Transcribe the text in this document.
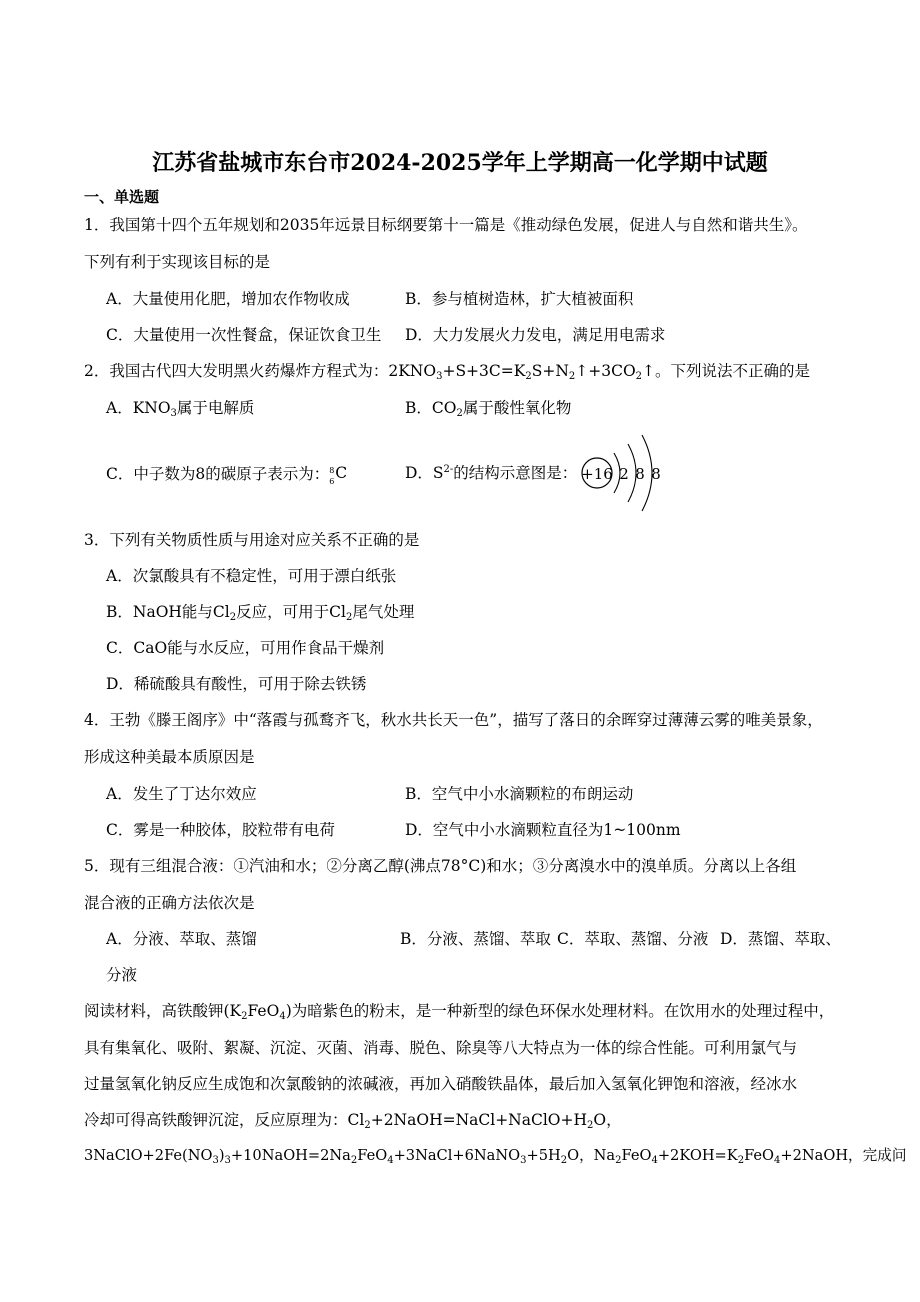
江苏省盐城市东台市2024-2025学年上学期高一化学期中试题
一、单选题
1．我国第十四个五年规划和2035年远景目标纲要第十一篇是《推动绿色发展，促进人与自然和谐共生》。
下列有利于实现该目标的是
A．大量使用化肥，增加农作物收成	B．参与植树造林，扩大植被面积
C．大量使用一次性餐盒，保证饮食卫生 D．大力发展火力发电，满足用电需求
2．我国古代四大发明黑火药爆炸方程式为：$2KNO_3+S+3C=K_2S+N_2↑+3CO_2↑$。下列说法不正确的是
A．$KNO_3$属于电解质	B．$CO_2$属于酸性氧化物
C．中子数为8的碳原子表示为： 8
6 C	D．$S^{2-}$的结构示意图是： +16 2 8 8
3．下列有关物质性质与用途对应关系不正确的是
A．次氯酸具有不稳定性，可用于漂白纸张
B．NaOH能与$Cl_2$反应，可用于$Cl_2$尾气处理
C．CaO能与水反应，可用作食品干燥剂
D．稀硫酸具有酸性，可用于除去铁锈
4．王勃《滕王阁序》中“落霞与孤鹜齐飞，秋水共长天一色”，描写了落日的余晖穿过薄薄云雾的唯美景象，
形成这种美最本质原因是
A．发生了丁达尔效应	B．空气中小水滴颗粒的布朗运动
C．雾是一种胶体，胶粒带有电荷	D．空气中小水滴颗粒直径为1~100nm
5．现有三组混合液：①汽油和水；②分离乙醇(沸点78°C)和水；③分离溴水中的溴单质。分离以上各组
混合液的正确方法依次是
A．分液、萃取、蒸馏	B．分液、蒸馏、萃取 C．萃取、蒸馏、分液 D．蒸馏、萃取、
分液
阅读材料，高铁酸钾$(K_2FeO_4)$为暗紫色的粉末，是一种新型的绿色环保水处理材料。在饮用水的处理过程中，
具有集氧化、吸附、絮凝、沉淀、灭菌、消毒、脱色、除臭等八大特点为一体的综合性能。可利用氯气与
过量氢氧化钠反应生成饱和次氯酸钠的浓碱液，再加入硝酸铁晶体，最后加入氢氧化钾饱和溶液，经冰水
冷却可得高铁酸钾沉淀，反应原理为：$Cl_2+2NaOH=NaCl+NaClO+H_2O$，
$3NaClO+2Fe(NO_3)_3+10NaOH=2Na_2FeO_4+3NaCl+6NaNO_3+5H_2O$，$Na_2FeO_4+2KOH=K_2FeO_4+2NaOH$，完成问
